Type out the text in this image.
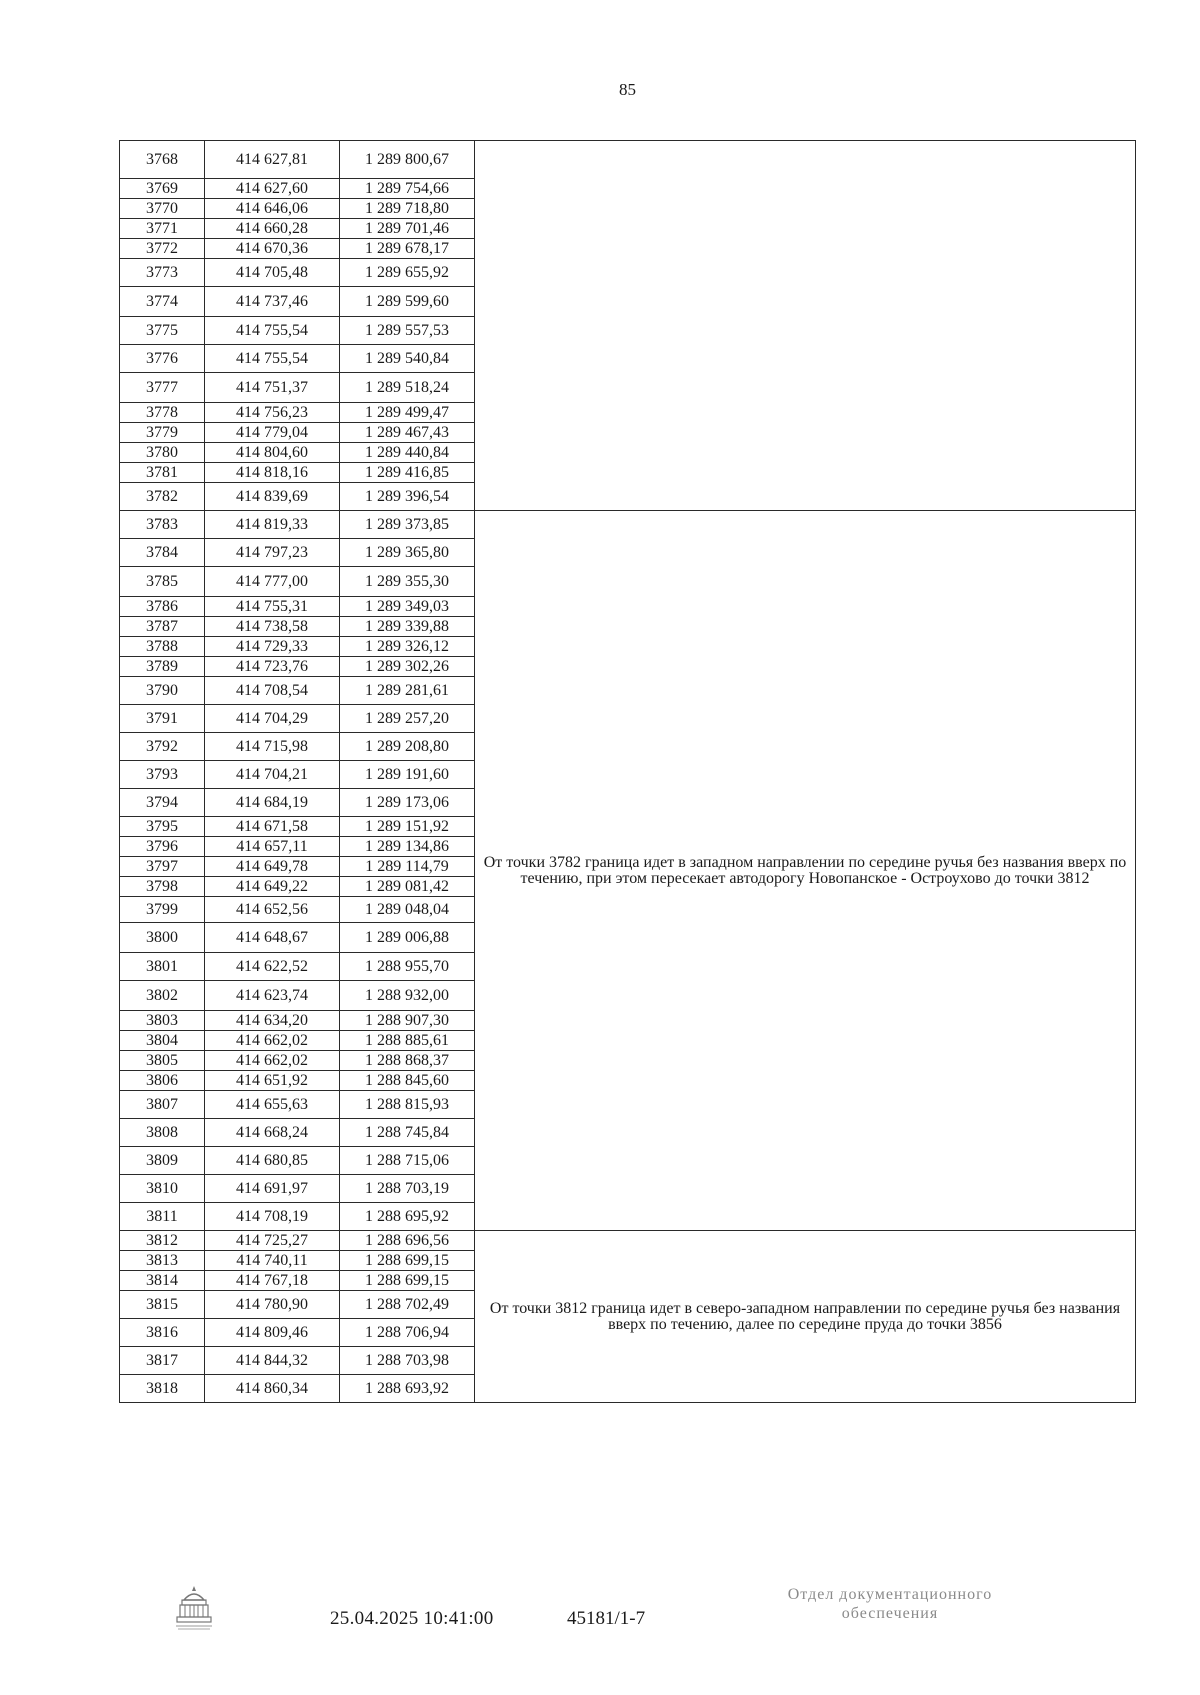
85
3768	414 627,81	1 289 800,67	
3769	414 627,60	1 289 754,66	
3770	414 646,06	1 289 718,80	
3771	414 660,28	1 289 701,46	
3772	414 670,36	1 289 678,17	
3773	414 705,48	1 289 655,92	
3774	414 737,46	1 289 599,60	
3775	414 755,54	1 289 557,53	
3776	414 755,54	1 289 540,84	
3777	414 751,37	1 289 518,24	
3778	414 756,23	1 289 499,47	
3779	414 779,04	1 289 467,43	
3780	414 804,60	1 289 440,84	
3781	414 818,16	1 289 416,85	
3782	414 839,69	1 289 396,54	
3783	414 819,33	1 289 373,85	От точки 3782 граница идет в западном направлении по середине ручья без названия вверх по течению, при этом пересекает автодорогу Новопанское - Остроухово до точки 3812
3784	414 797,23	1 289 365,80	
3785	414 777,00	1 289 355,30	
3786	414 755,31	1 289 349,03	
3787	414 738,58	1 289 339,88	
3788	414 729,33	1 289 326,12	
3789	414 723,76	1 289 302,26	
3790	414 708,54	1 289 281,61	
3791	414 704,29	1 289 257,20	
3792	414 715,98	1 289 208,80	
3793	414 704,21	1 289 191,60	
3794	414 684,19	1 289 173,06	
3795	414 671,58	1 289 151,92	
3796	414 657,11	1 289 134,86	
3797	414 649,78	1 289 114,79	
3798	414 649,22	1 289 081,42	
3799	414 652,56	1 289 048,04	
3800	414 648,67	1 289 006,88	
3801	414 622,52	1 288 955,70	
3802	414 623,74	1 288 932,00	
3803	414 634,20	1 288 907,30	
3804	414 662,02	1 288 885,61	
3805	414 662,02	1 288 868,37	
3806	414 651,92	1 288 845,60	
3807	414 655,63	1 288 815,93	
3808	414 668,24	1 288 745,84	
3809	414 680,85	1 288 715,06	
3810	414 691,97	1 288 703,19	
3811	414 708,19	1 288 695,92	
3812	414 725,27	1 288 696,56	От точки 3812 граница идет в северо-западном направлении по середине ручья без названия вверх по течению, далее по середине пруда до точки 3856
3813	414 740,11	1 288 699,15	
3814	414 767,18	1 288 699,15	
3815	414 780,90	1 288 702,49	
3816	414 809,46	1 288 706,94	
3817	414 844,32	1 288 703,98	
3818	414 860,34	1 288 693,92	
25.04.2025 10:41:00	45181/1-7
Отдел документационного
обеспечения
